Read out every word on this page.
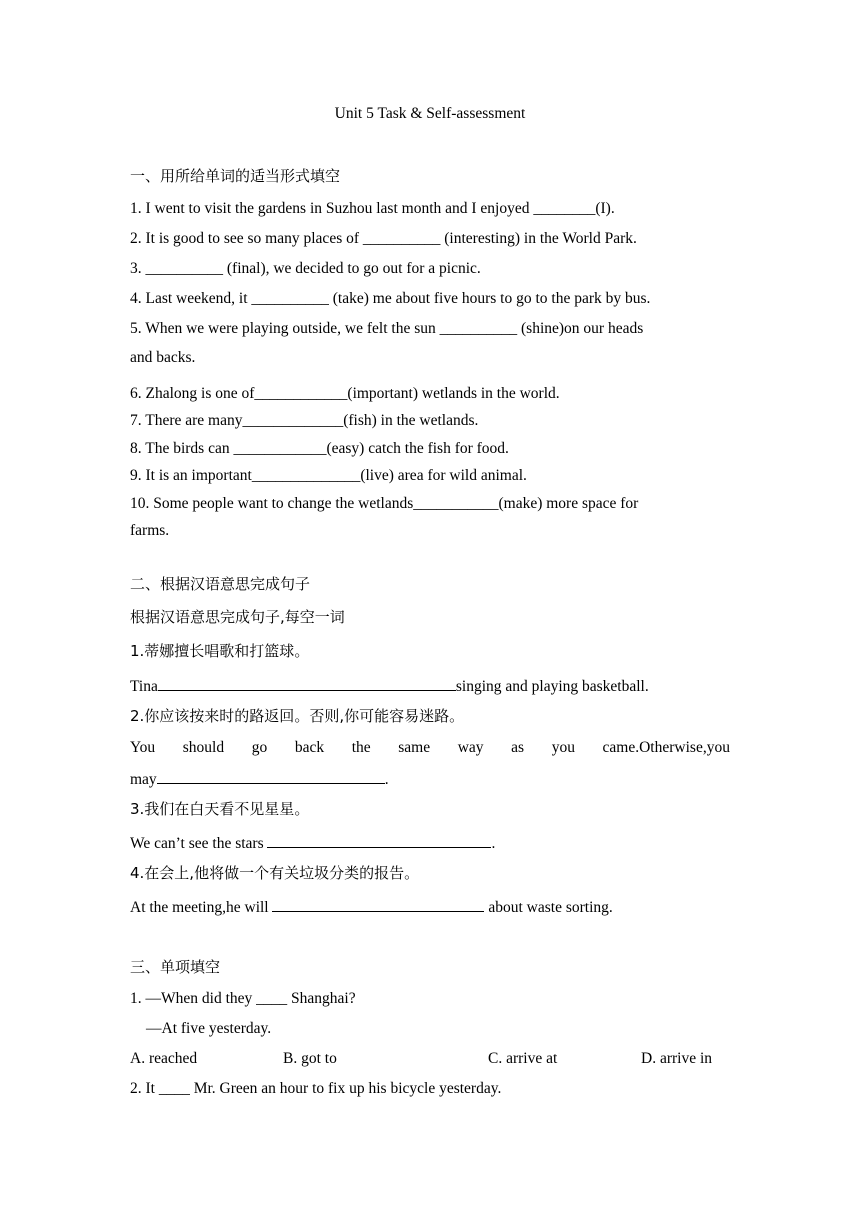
Unit 5 Task & Self-assessment
一、用所给单词的适当形式填空
1. I went to visit the gardens in Suzhou last month and I enjoyed ________(I).
2. It is good to see so many places of __________ (interesting) in the World Park.
3. __________ (final), we decided to go out for a picnic.
4. Last weekend, it __________ (take) me about five hours to go to the park by bus.
5. When we were playing outside, we felt the sun __________ (shine)on our heads
and backs.
6. Zhalong is one of____________(important) wetlands in the world.
7. There are many_____________(fish) in the wetlands.
8. The birds can ____________(easy) catch the fish for food.
9. It is an important______________(live) area for wild animal.
10. Some people want to change the wetlands___________(make) more space for
farms.
二、根据汉语意思完成句子
根据汉语意思完成句子,每空一词
1.蒂娜擅长唱歌和打篮球。
Tina	singing and playing basketball.
2.你应该按来时的路返回。否则,你可能容易迷路。
You should go back the same way as you came.Otherwise,you
may	.
3.我们在白天看不见星星。
We can’t see the stars	.
4.在会上,他将做一个有关垃圾分类的报告。
At the meeting,he will	about waste sorting.
三、单项填空
1. —When did they ____ Shanghai?
—At five yesterday.
A. reached	B. got to	C. arrive at	D. arrive in
2. It ____ Mr. Green an hour to fix up his bicycle yesterday.
